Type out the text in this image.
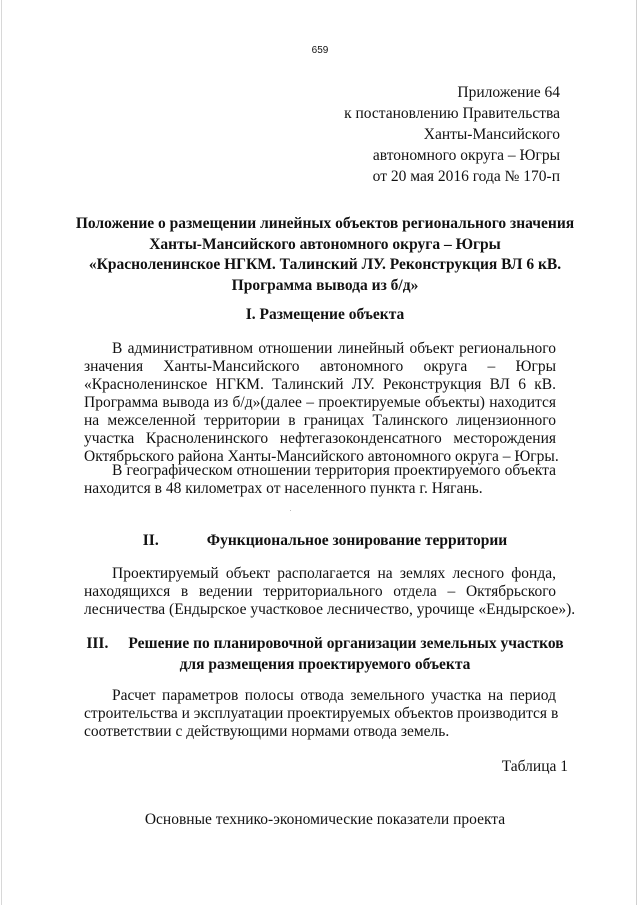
659
Приложение 64
к постановлению Правительства
Ханты-Мансийского
автономного округа – Югры
от 20 мая 2016 года № 170-п
Положение о размещении линейных объектов регионального значения
Ханты-Мансийского автономного округа – Югры
«Красноленинское НГКМ. Талинский ЛУ. Реконструкция ВЛ 6 кВ.
Программа вывода из б/д»
I. Размещение объекта
В административном отношении линейный объект регионального
значения Ханты-Мансийского автономного округа – Югры
«Красноленинское НГКМ. Талинский ЛУ. Реконструкция ВЛ 6 кВ.
Программа вывода из б/д»(далее – проектируемые объекты) находится
на межселенной территории в границах Талинского лицензионного
участка Красноленинского нефтегазоконденсатного месторождения
Октябрьского района Ханты-Мансийского автономного округа – Югры.
В географическом отношении территория проектируемого объекта
находится в 48 километрах от населенного пункта г. Нягань.
II.	Функциональное зонирование территории
Проектируемый объект располагается на землях лесного фонда,
находящихся в ведении территориального отдела – Октябрьского
лесничества (Ендырское участковое лесничество, урочище «Ендырское»).
III. Решение по планировочной организации земельных участков
для размещения проектируемого объекта
Расчет параметров полосы отвода земельного участка на период
строительства и эксплуатации проектируемых объектов производится в
соответствии с действующими нормами отвода земель.
Таблица 1
Основные технико-экономические показатели проекта
